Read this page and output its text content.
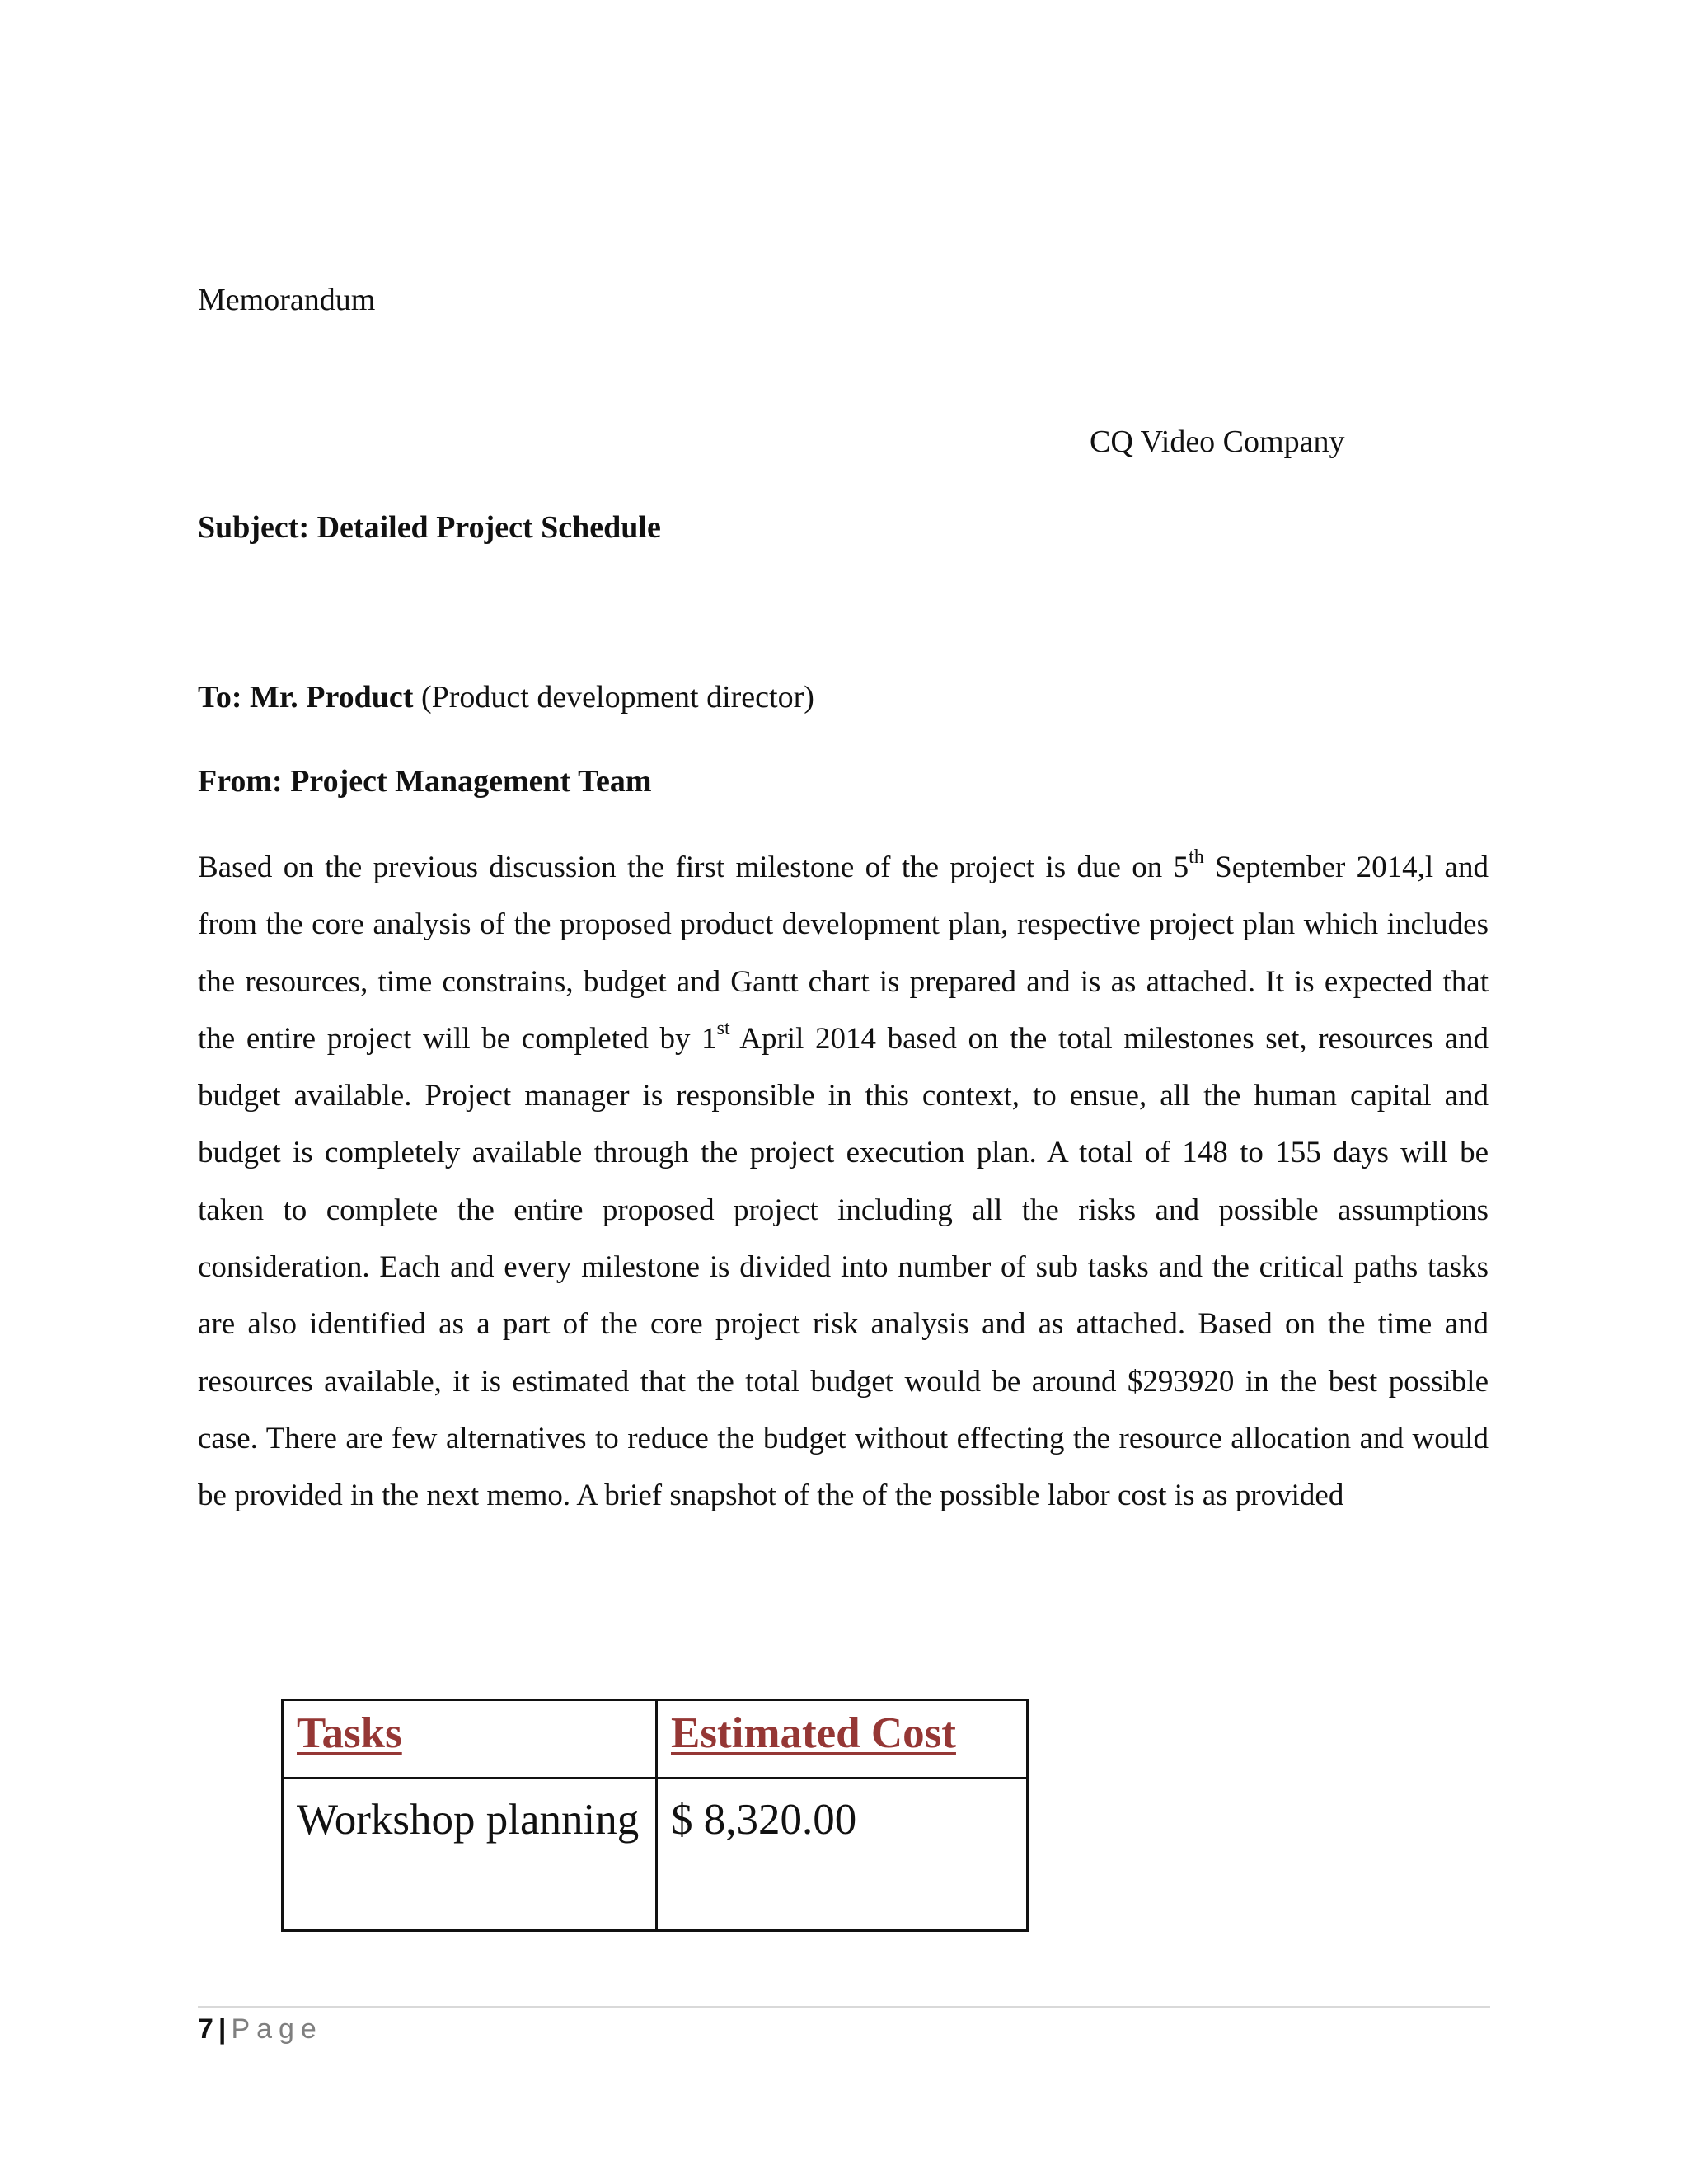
Memorandum
CQ Video Company
Subject: Detailed Project Schedule
To: Mr. Product (Product development director)
From: Project Management Team

Based on the previous discussion the first milestone of the project is due on 5th September 2014,l and from the core analysis of the proposed product development plan, respective project plan which includes the resources, time constrains, budget and Gantt chart is prepared and is as attached. It is expected that the entire project will be completed by 1st April 2014 based on the total milestones set, resources and budget available. Project manager is responsible in this context, to ensue, all the human capital and budget is completely available through the project execution plan. A total of 148 to 155 days will be taken to complete the entire proposed project including all the risks and possible assumptions consideration. Each and every milestone is divided into number of sub tasks and the critical paths tasks are also identified as a part of the core project risk analysis and as attached. Based on the time and resources available, it is estimated that the total budget would be around $293920 in the best possible case. There are few alternatives to reduce the budget without effecting the resource allocation and would be provided in the next memo. A brief snapshot of the of the possible labor cost is as provided

Tasks	Estimated Cost
Workshop planning	$ 8,320.00
7 | Page
